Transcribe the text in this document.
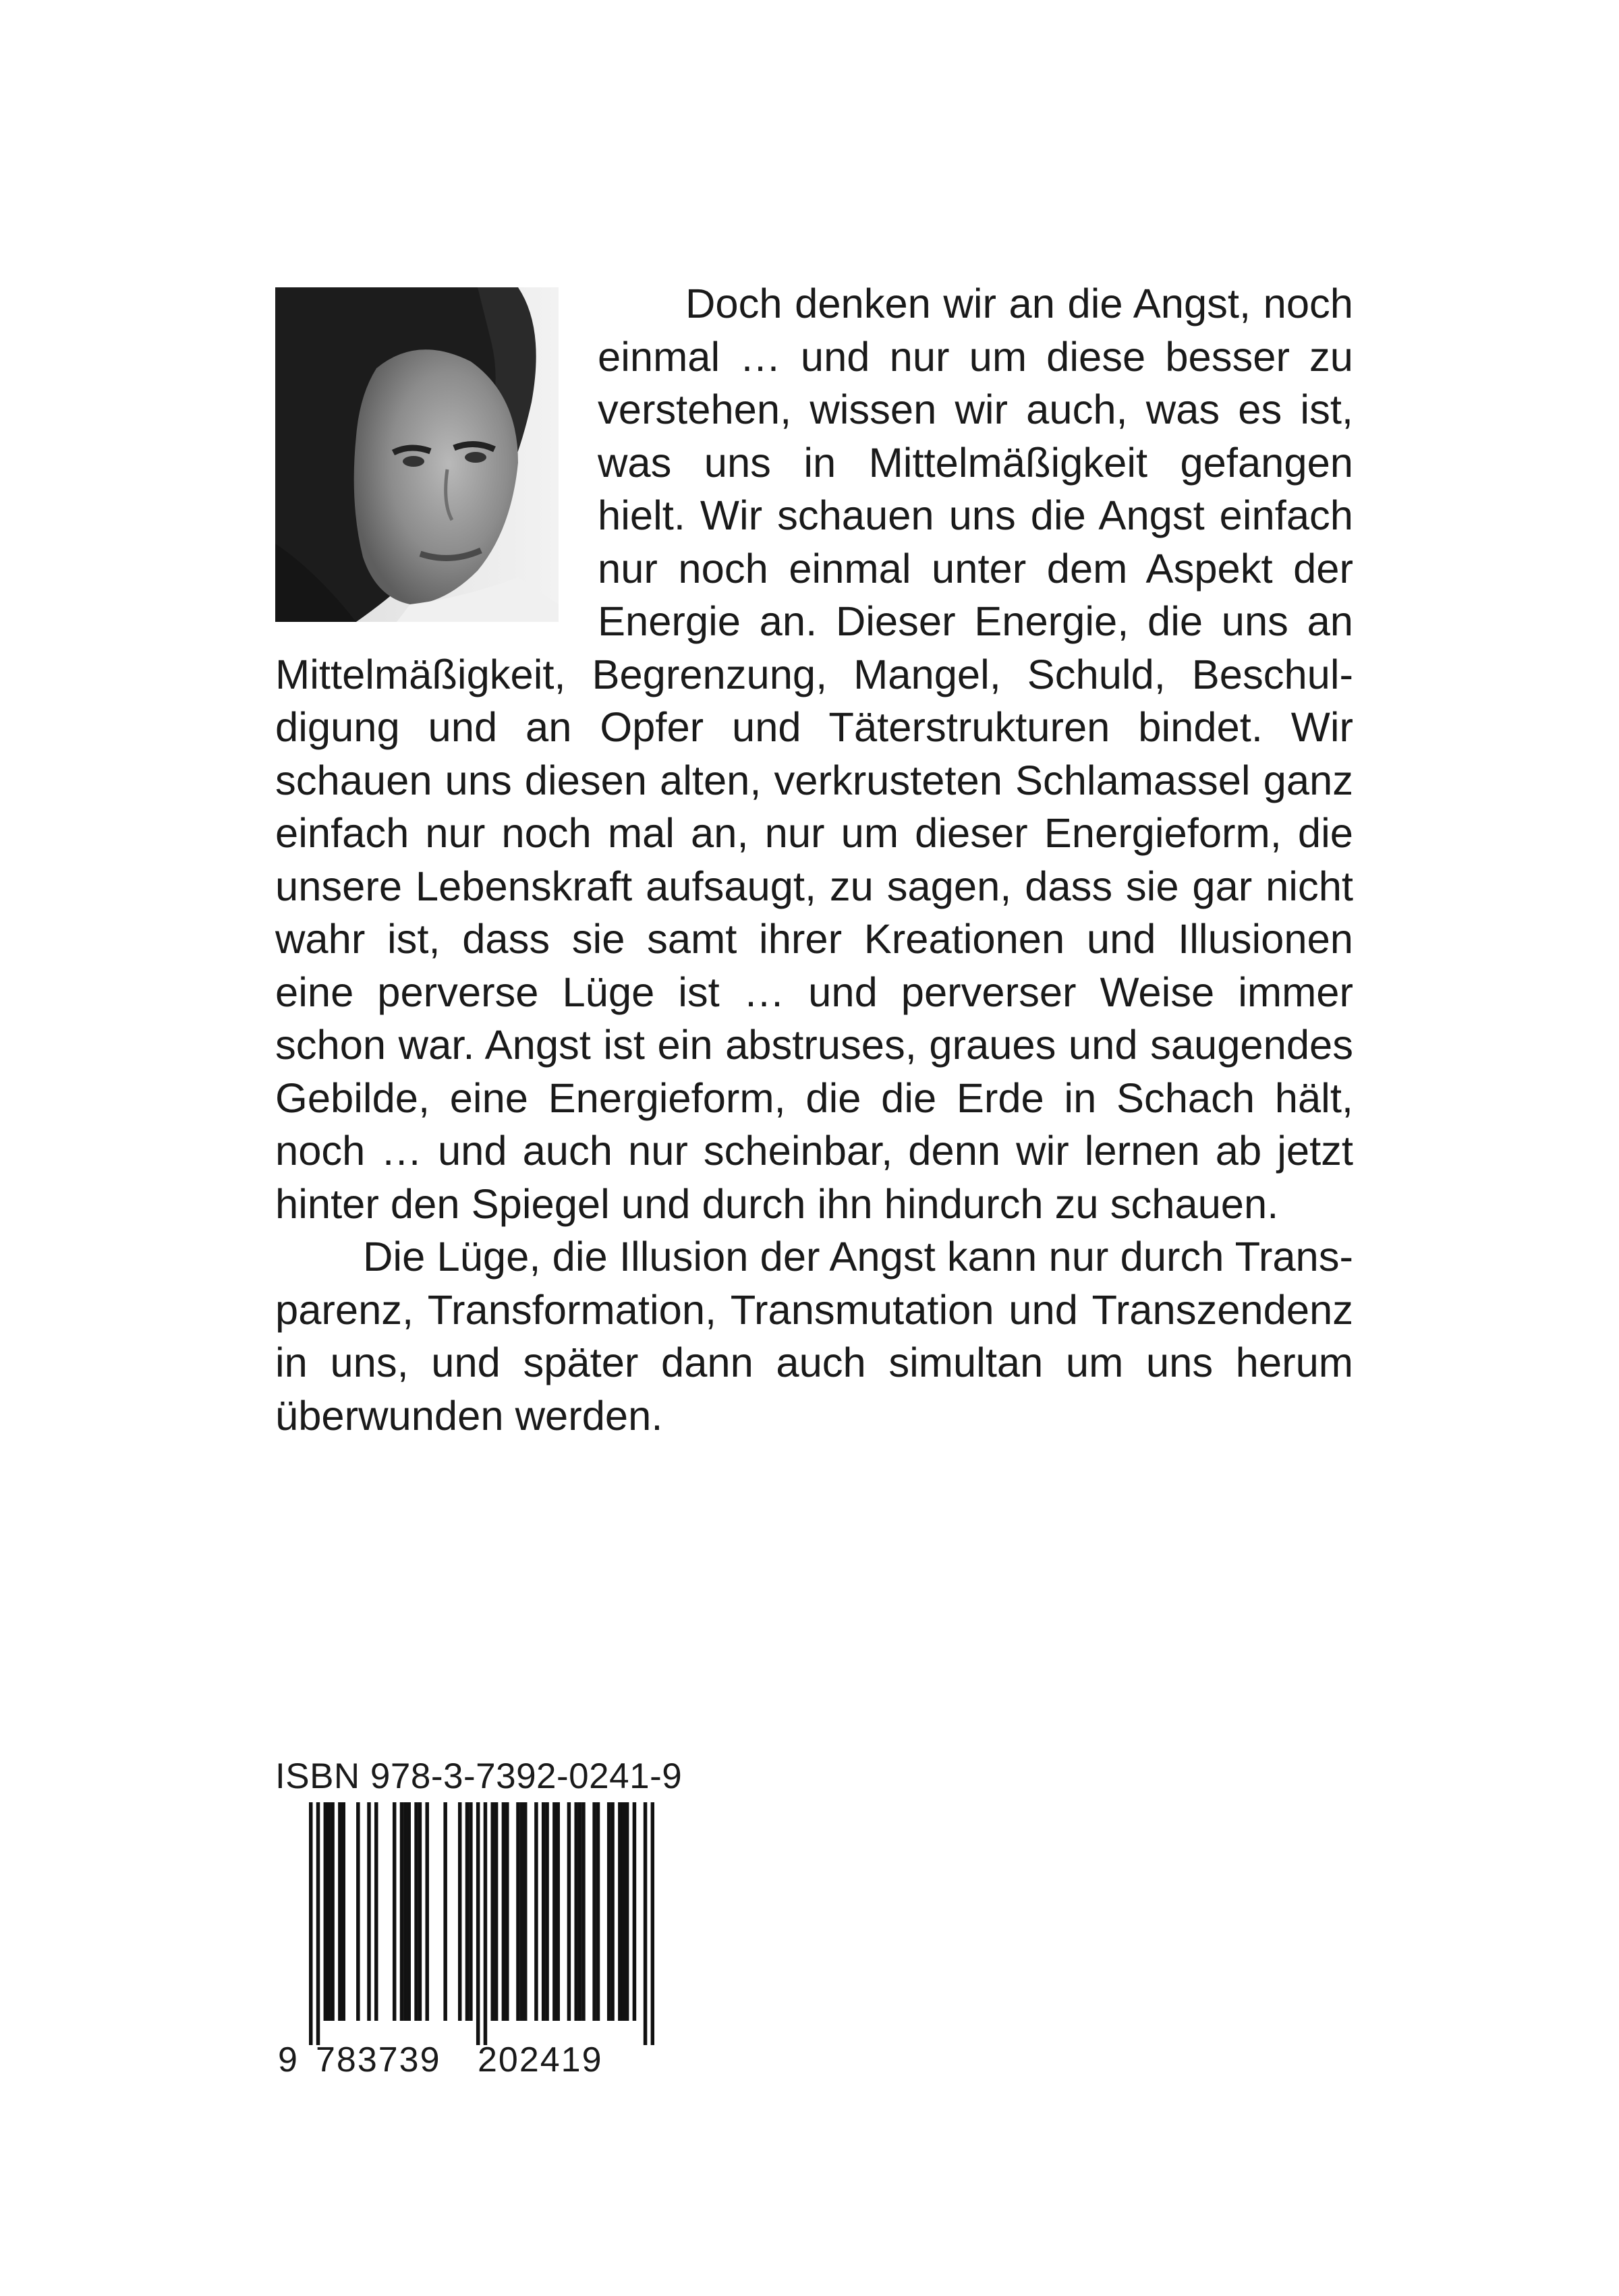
Doch denken wir an die Angst, noch einmal … und nur um diese besser zu verstehen, wissen wir auch, was es ist, was uns in Mittelmäßigkeit gefangen hielt. Wir schauen uns die Angst einfach nur noch einmal unter dem Aspekt der Energie an. Dieser Energie, die uns an Mittelmäßigkeit, Begrenzung, Mangel, Schuld, Beschuldigung und an Opfer und Täterstrukturen bindet. Wir schauen uns diesen alten, verkrusteten Schlamassel ganz einfach nur noch mal an, nur um dieser Energieform, die unsere Lebenskraft aufsaugt, zu sagen, dass sie gar nicht wahr ist, dass sie samt ihrer Kreationen und Illusionen eine perverse Lüge ist … und perverser Weise immer schon war. Angst ist ein abstruses, graues und saugendes Gebilde, eine Energieform, die die Erde in Schach hält, noch … und auch nur scheinbar, denn wir lernen ab jetzt hinter den Spiegel und durch ihn hindurch zu schauen.

Die Lüge, die Illusion der Angst kann nur durch Transparenz, Transformation, Transmutation und Transzendenz in uns, und später dann auch simultan um uns herum überwunden werden.

ISBN 978-3-7392-0241-9
9 783739 202419
